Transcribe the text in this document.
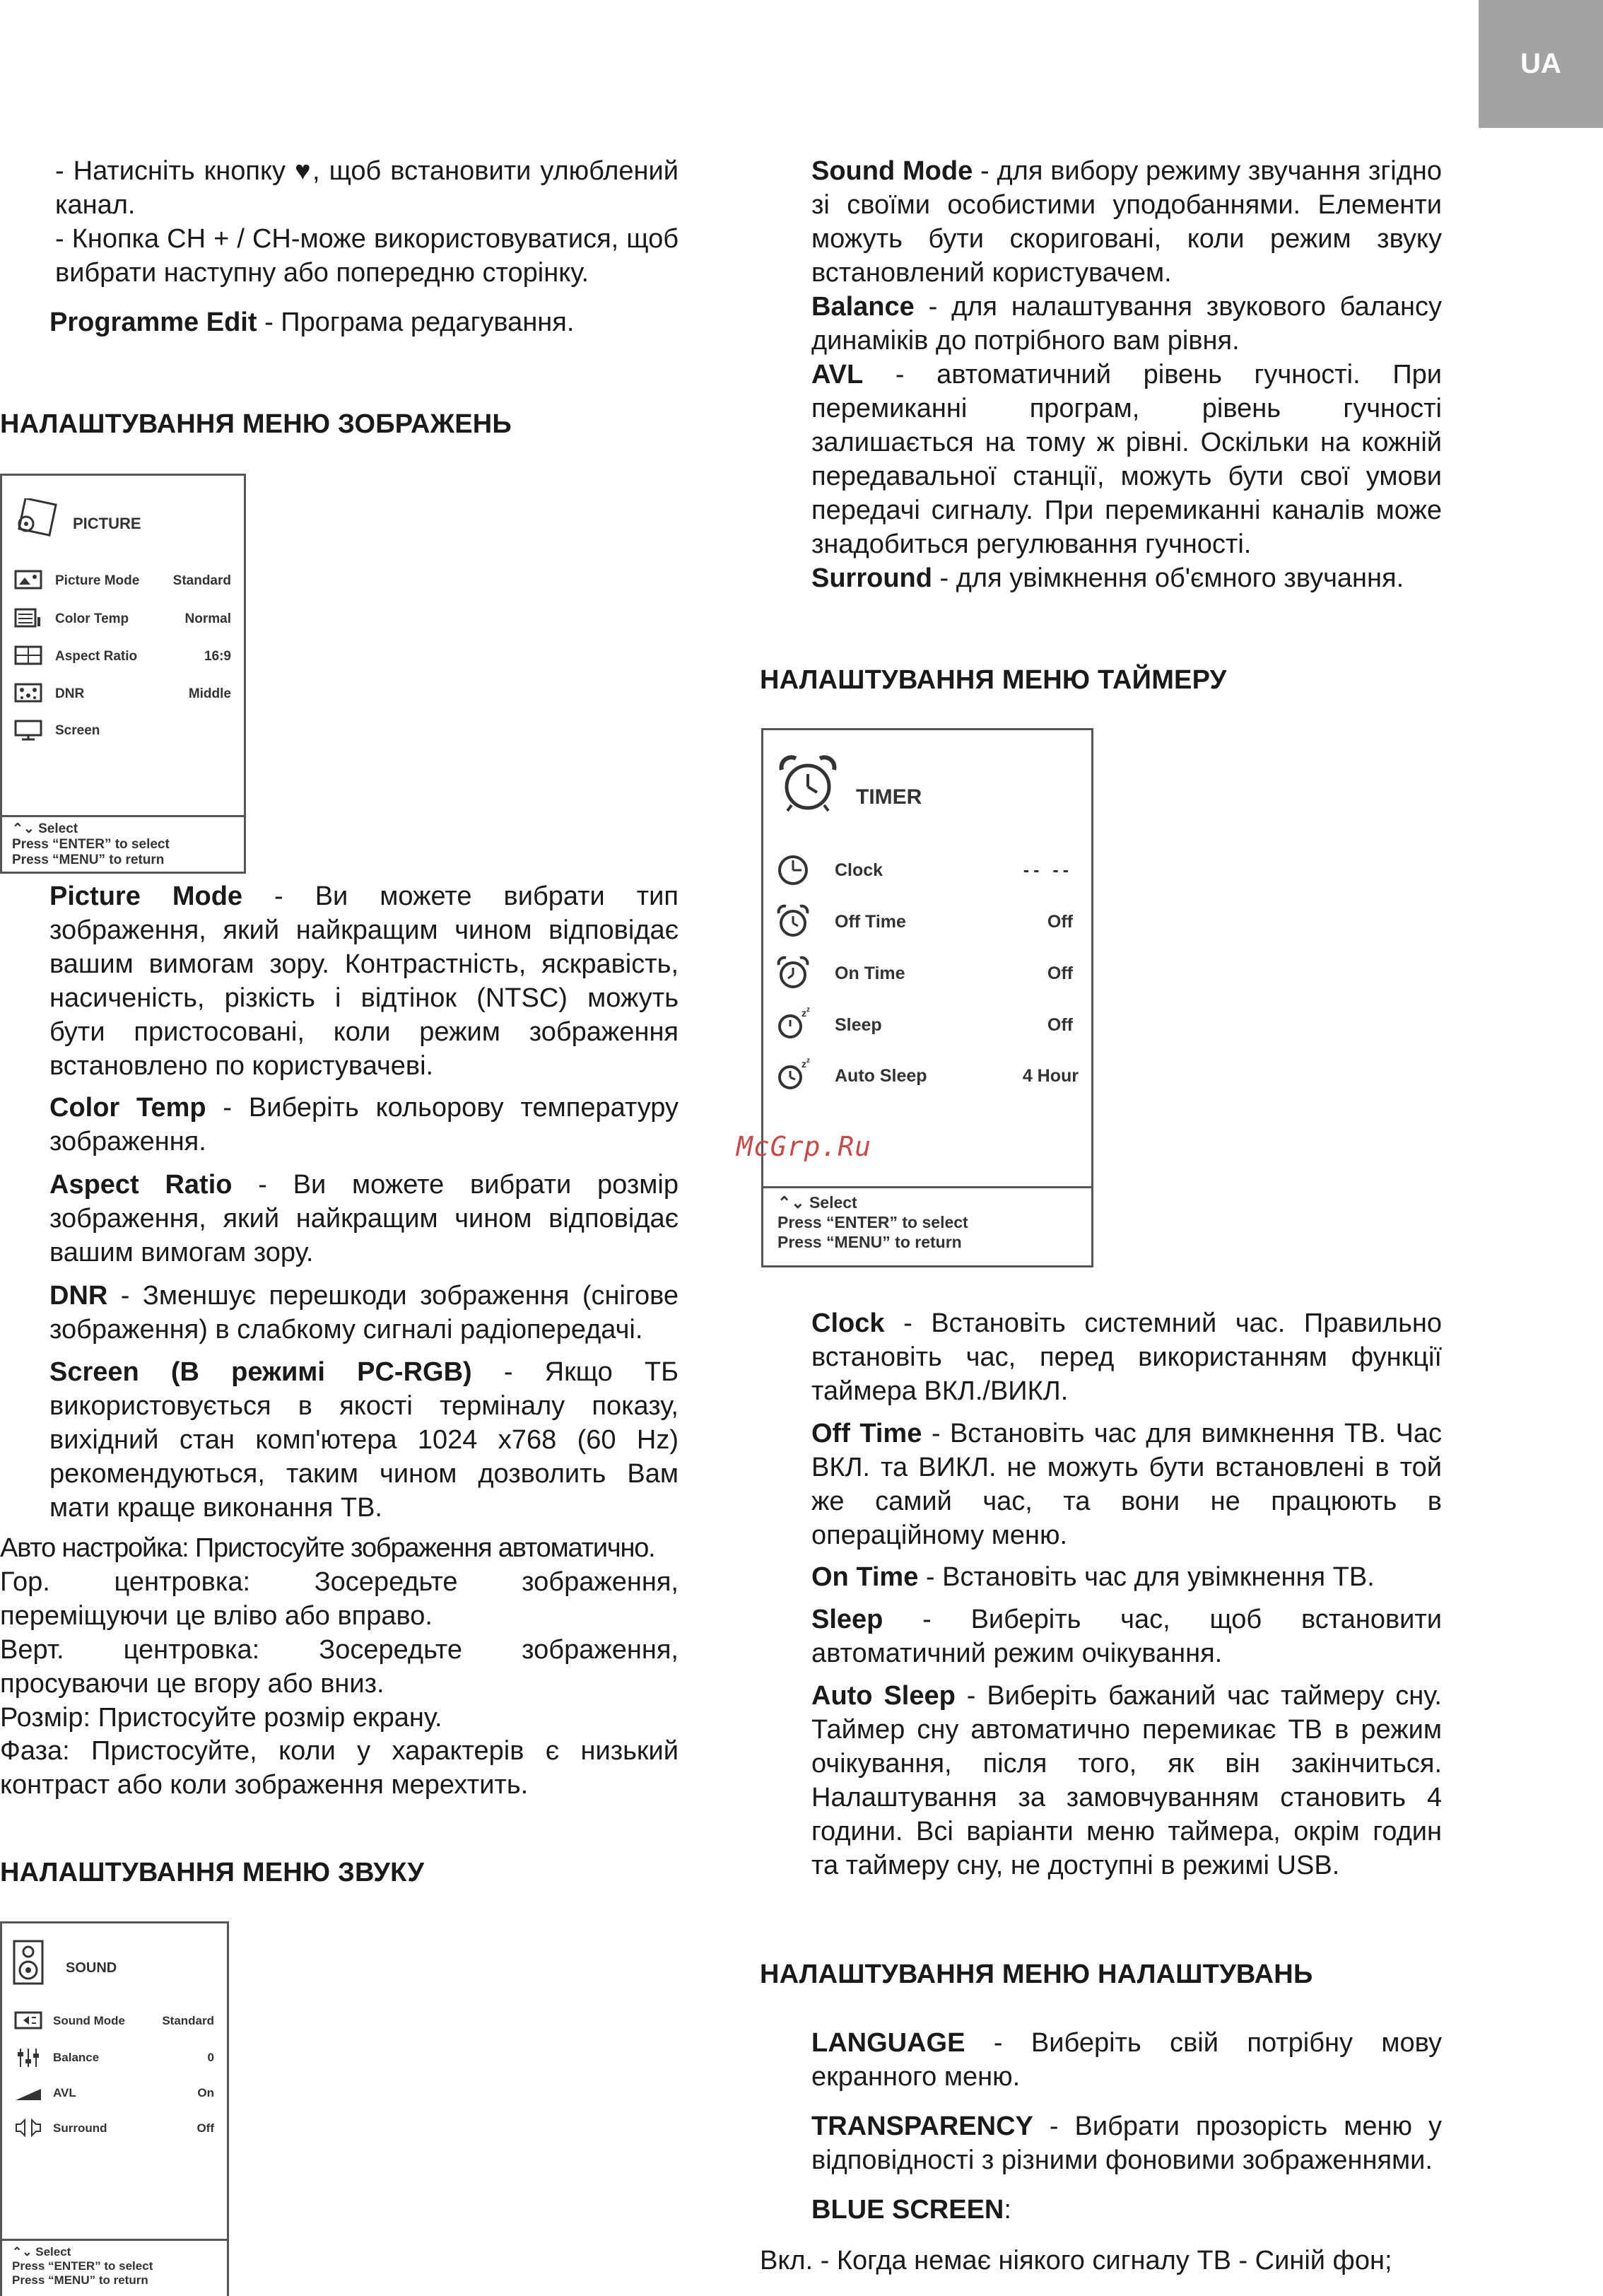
UA

- Натисніть кнопку ♥, щоб встановити улюблений канал.

- Кнопка CH + / CH-може використовуватися, щоб вибрати наступну або попередню сторінку.

Programme Edit - Програма редагування.

НАЛАШТУВАННЯ МЕНЮ ЗОБРАЖЕНЬ
PICTURE
Picture Mode Standard
Color Temp	Normal
Aspect Ratio	16:9
DNR	Middle
Screen
⌃⌄ Select
Press “ENTER” to select
Press “MENU” to return

Picture Mode - Ви можете вибрати тип зображення, який найкращим чином відповідає вашим вимогам зору. Контрастність, яскравість, насиченість, різкість і відтінок (NTSC) можуть бути пристосовані, коли режим зображення встановлено по користувачеві.

Color Temp - Виберіть кольорову температуру зображення.

Aspect Ratio - Ви можете вибрати розмір зображення, який найкращим чином відповідає вашим вимогам зору.

DNR - Зменшує перешкоди зображення (снігове зображення) в слабкому сигналі радіопередачі.

Screen (В режимі PC-RGB) - Якщо ТБ використовується в якості терміналу показу, вихідний стан комп'ютера 1024 x768 (60 Hz) рекомендуються, таким чином дозволить Вам мати краще виконання ТВ.

Авто настройка: Пристосуйте зображення автоматично.

Гор. центровка: Зосередьте зображення, переміщуючи це вліво або вправо.

Верт. центровка: Зосередьте зображення, просуваючи це вгору або вниз.

Розмір: Пристосуйте розмір екрану.

Фаза: Пристосуйте, коли у характерів є низький контраст або коли зображення мерехтить.

НАЛАШТУВАННЯ МЕНЮ ЗВУКУ
SOUND
Sound Mode	Standard
Balance	0
AVL	On
Surround	Off
⌃⌄ Select
Press “ENTER” to select
Press “MENU” to return

Sound Mode - для вибору режиму звучання згідно зі своїми особистими уподобаннями. Елементи можуть бути скориговані, коли режим звуку встановлений користувачем.

Balance - для налаштування звукового балансу динаміків до потрібного вам рівня.

AVL - автоматичний рівень гучності. При перемиканні програм, рівень гучності залишається на тому ж рівні. Оскільки на кожній передавальної станції, можуть бути свої умови передачі сигналу. При перемиканні каналів може знадобиться регулювання гучності.

Surround - для увімкнення об'ємного звучання.

НАЛАШТУВАННЯ МЕНЮ ТАЙМЕРУ
TIMER
Clock	-- --
Off Time	Off
On Time	Off
z z
Sleep	Off
z z
Auto Sleep	4 Hour
⌃⌄ Select
Press “ENTER” to select
Press “MENU” to return
McGrp.Ru

Clock - Встановіть системний час. Правильно встановіть час, перед використанням функції таймера ВКЛ./ВИКЛ.

Off Time - Встановіть час для вимкнення ТВ. Час ВКЛ. та ВИКЛ. не можуть бути встановлені в той же самий час, та вони не працюють в операційному меню.

On Time - Встановіть час для увімкнення ТВ.

Sleep - Виберіть час, щоб встановити автоматичний режим очікування.

Auto Sleep - Виберіть бажаний час таймеру сну. Таймер сну автоматично перемикає ТВ в режим очікування, після того, як він закінчиться. Налаштування за замовчуванням становить 4 години. Всі варіанти меню таймера, окрім годин та таймеру сну, не доступні в режимі USB.

НАЛАШТУВАННЯ МЕНЮ НАЛАШТУВАНЬ

LANGUAGE - Виберіть свій потрібну мову екранного меню.

TRANSPARENCY - Вибрати прозорість меню у відповідності з різними фоновими зображеннями.

BLUE SCREEN:

Вкл. - Когда немає ніякого сигналу ТВ - Синій фон;
